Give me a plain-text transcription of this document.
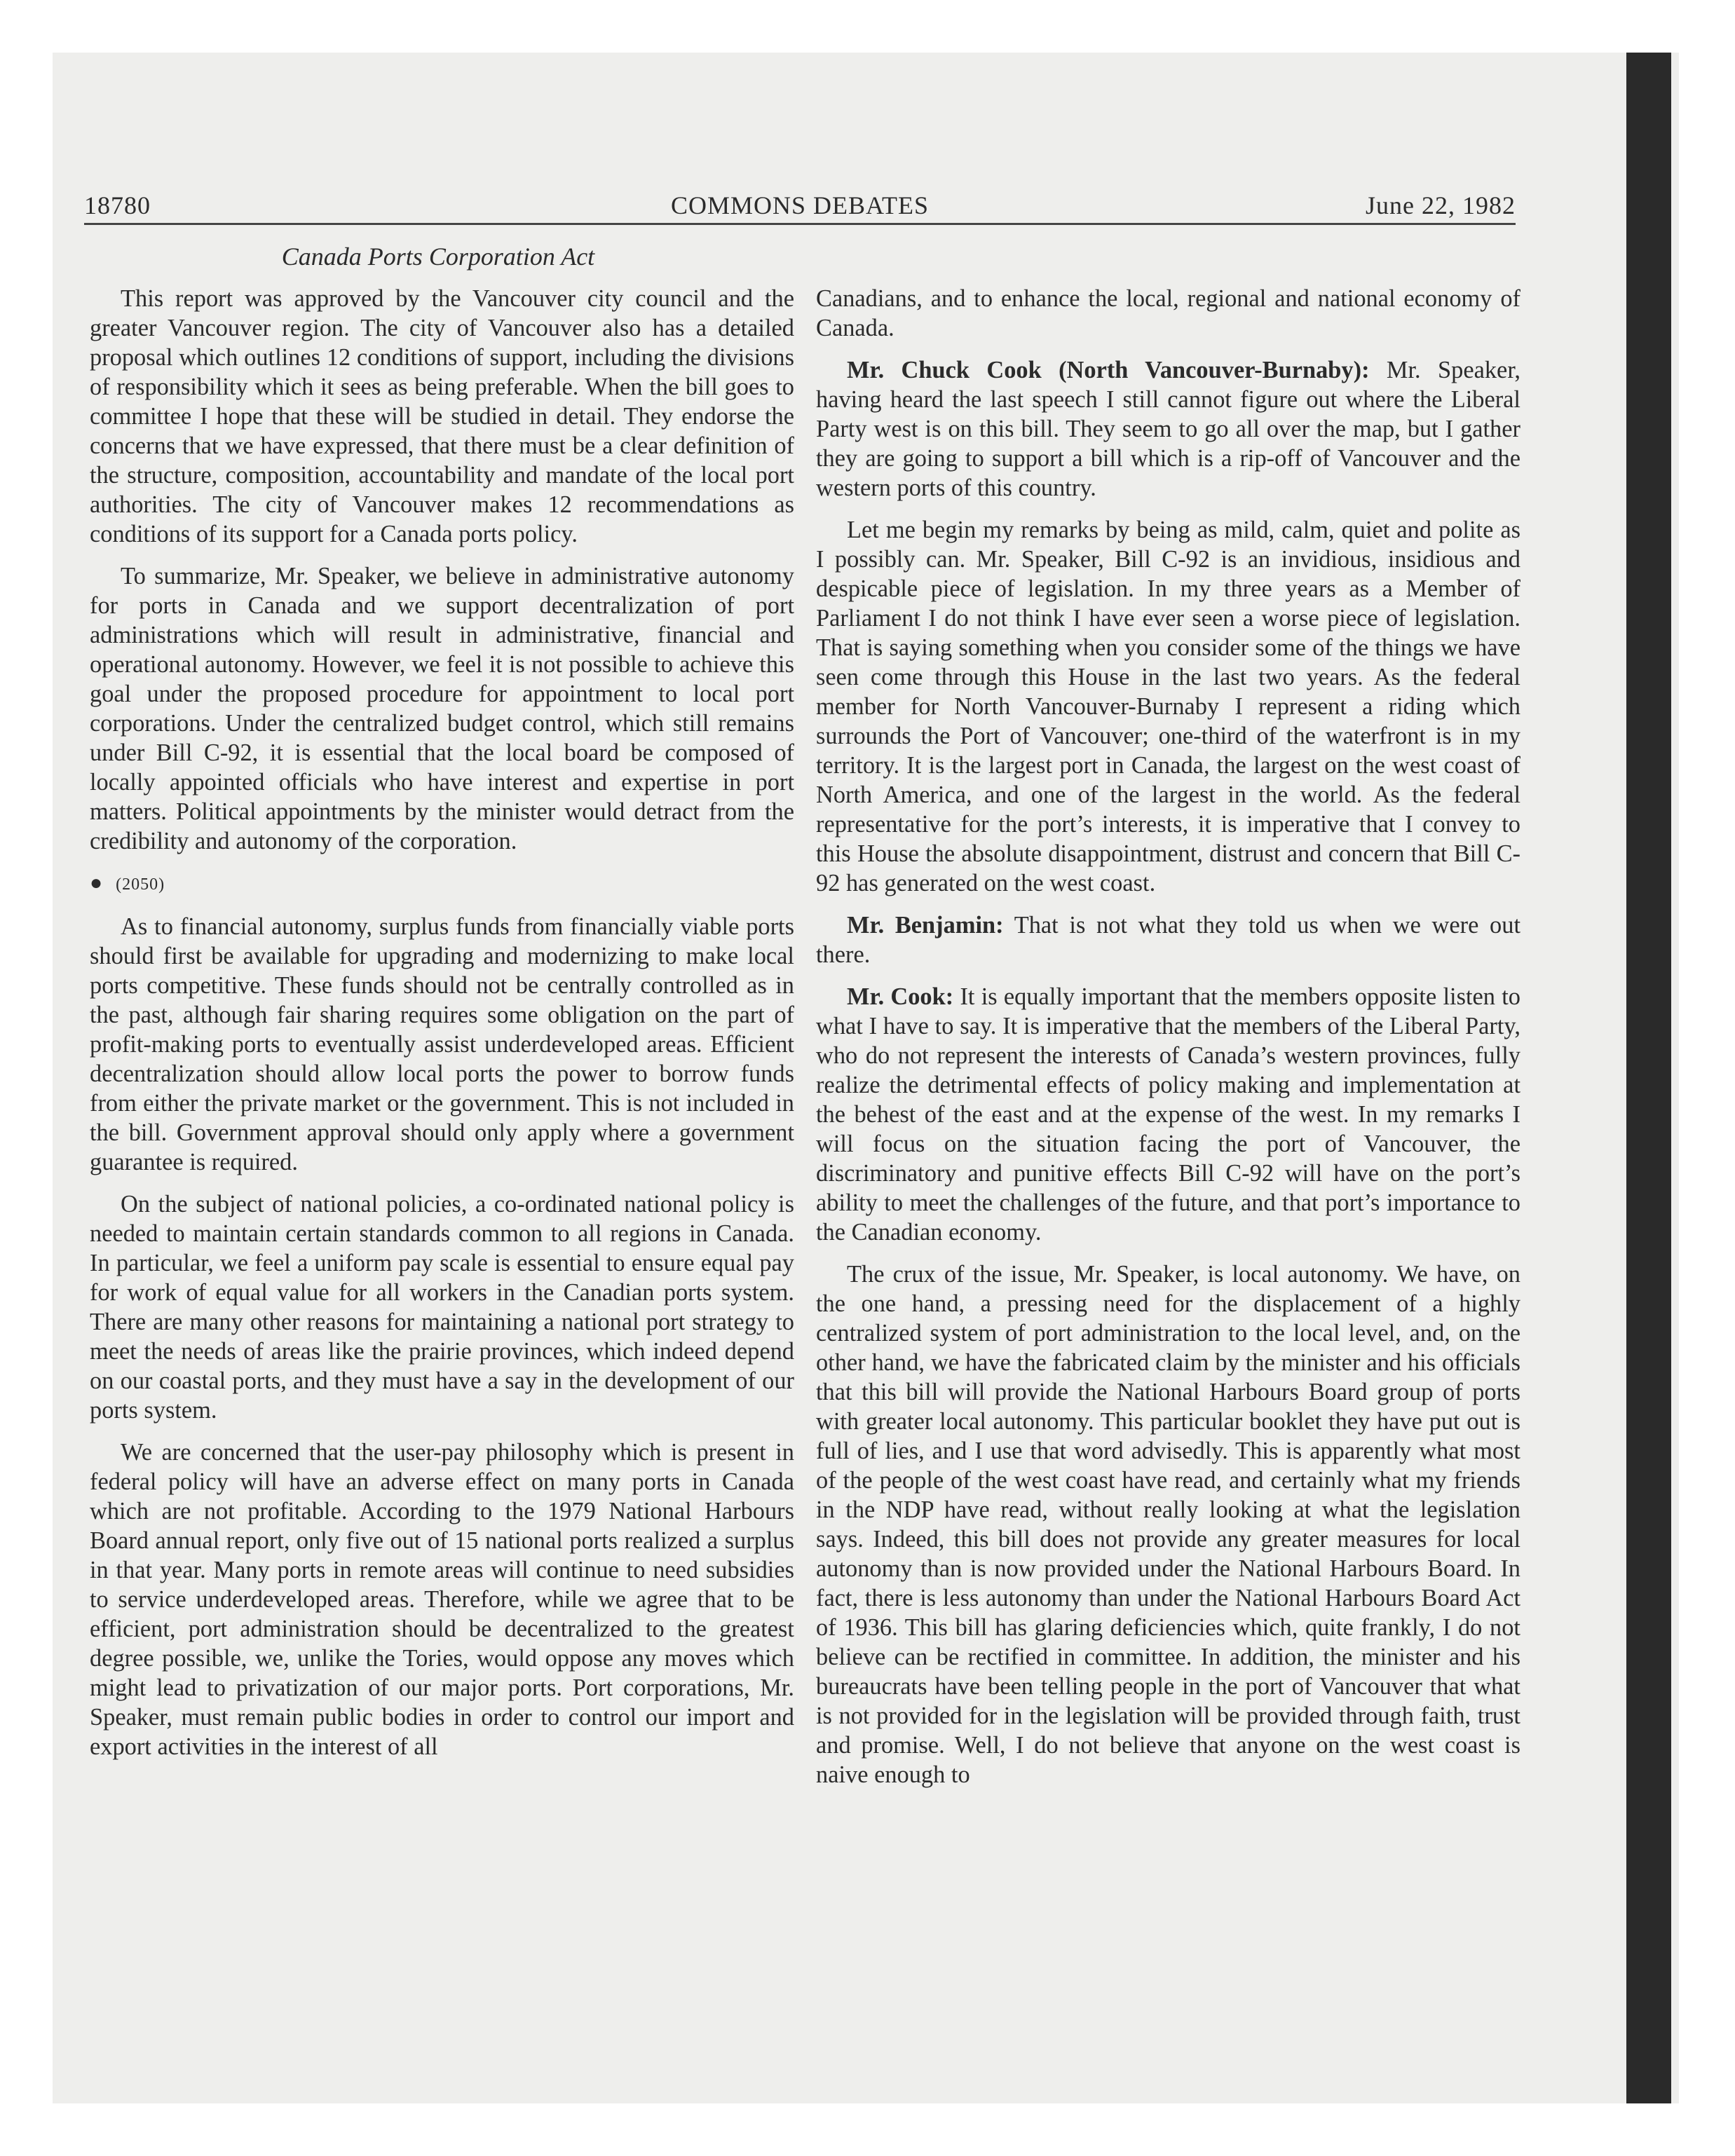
18780	COMMONS DEBATES	June 22, 1982
Canada Ports Corporation Act

This report was approved by the Vancouver city council and the greater Vancouver region. The city of Vancouver also has a detailed proposal which outlines 12 conditions of support, including the divisions of responsibility which it sees as being preferable. When the bill goes to committee I hope that these will be studied in detail. They endorse the concerns that we have expressed, that there must be a clear definition of the structure, composition, accountability and mandate of the local port authorities. The city of Vancouver makes 12 recommendations as conditions of its support for a Canada ports policy.

To summarize, Mr. Speaker, we believe in administrative autonomy for ports in Canada and we support decentralization of port administrations which will result in administrative, financial and operational autonomy. However, we feel it is not possible to achieve this goal under the proposed procedure for appointment to local port corporations. Under the centralized budget control, which still remains under Bill C-92, it is essential that the local board be composed of locally appointed officials who have interest and expertise in port matters. Political appointments by the minister would detract from the credibility and autonomy of the corporation.

● (2050)

As to financial autonomy, surplus funds from financially viable ports should first be available for upgrading and modernizing to make local ports competitive. These funds should not be centrally controlled as in the past, although fair sharing requires some obligation on the part of profit-making ports to eventually assist underdeveloped areas. Efficient decentralization should allow local ports the power to borrow funds from either the private market or the government. This is not included in the bill. Government approval should only apply where a government guarantee is required.

On the subject of national policies, a co-ordinated national policy is needed to maintain certain standards common to all regions in Canada. In particular, we feel a uniform pay scale is essential to ensure equal pay for work of equal value for all workers in the Canadian ports system. There are many other reasons for maintaining a national port strategy to meet the needs of areas like the prairie provinces, which indeed depend on our coastal ports, and they must have a say in the development of our ports system.

We are concerned that the user-pay philosophy which is present in federal policy will have an adverse effect on many ports in Canada which are not profitable. According to the 1979 National Harbours Board annual report, only five out of 15 national ports realized a surplus in that year. Many ports in remote areas will continue to need subsidies to service underdeveloped areas. Therefore, while we agree that to be efficient, port administration should be decentralized to the greatest degree possible, we, unlike the Tories, would oppose any moves which might lead to privatization of our major ports. Port corporations, Mr. Speaker, must remain public bodies in order to control our import and export activities in the interest of all

Canadians, and to enhance the local, regional and national economy of Canada.

Mr. Chuck Cook (North Vancouver-Burnaby): Mr. Speaker, having heard the last speech I still cannot figure out where the Liberal Party west is on this bill. They seem to go all over the map, but I gather they are going to support a bill which is a rip-off of Vancouver and the western ports of this country.

Let me begin my remarks by being as mild, calm, quiet and polite as I possibly can. Mr. Speaker, Bill C-92 is an invidious, insidious and despicable piece of legislation. In my three years as a Member of Parliament I do not think I have ever seen a worse piece of legislation. That is saying something when you consider some of the things we have seen come through this House in the last two years. As the federal member for North Vancouver-Burnaby I represent a riding which surrounds the Port of Vancouver; one-third of the waterfront is in my territory. It is the largest port in Canada, the largest on the west coast of North America, and one of the largest in the world. As the federal representative for the port’s interests, it is imperative that I convey to this House the absolute disappointment, distrust and concern that Bill C-92 has generated on the west coast.

Mr. Benjamin: That is not what they told us when we were out there.

Mr. Cook: It is equally important that the members opposite listen to what I have to say. It is imperative that the members of the Liberal Party, who do not represent the interests of Canada’s western provinces, fully realize the detrimental effects of policy making and implementation at the behest of the east and at the expense of the west. In my remarks I will focus on the situation facing the port of Vancouver, the discriminatory and punitive effects Bill C-92 will have on the port’s ability to meet the challenges of the future, and that port’s importance to the Canadian economy.

The crux of the issue, Mr. Speaker, is local autonomy. We have, on the one hand, a pressing need for the displacement of a highly centralized system of port administration to the local level, and, on the other hand, we have the fabricated claim by the minister and his officials that this bill will provide the National Harbours Board group of ports with greater local autonomy. This particular booklet they have put out is full of lies, and I use that word advisedly. This is apparently what most of the people of the west coast have read, and certainly what my friends in the NDP have read, without really looking at what the legislation says. Indeed, this bill does not provide any greater measures for local autonomy than is now provided under the National Harbours Board. In fact, there is less autonomy than under the National Harbours Board Act of 1936. This bill has glaring deficiencies which, quite frankly, I do not believe can be rectified in committee. In addition, the minister and his bureaucrats have been telling people in the port of Vancouver that what is not provided for in the legislation will be provided through faith, trust and promise. Well, I do not believe that anyone on the west coast is naive enough to
